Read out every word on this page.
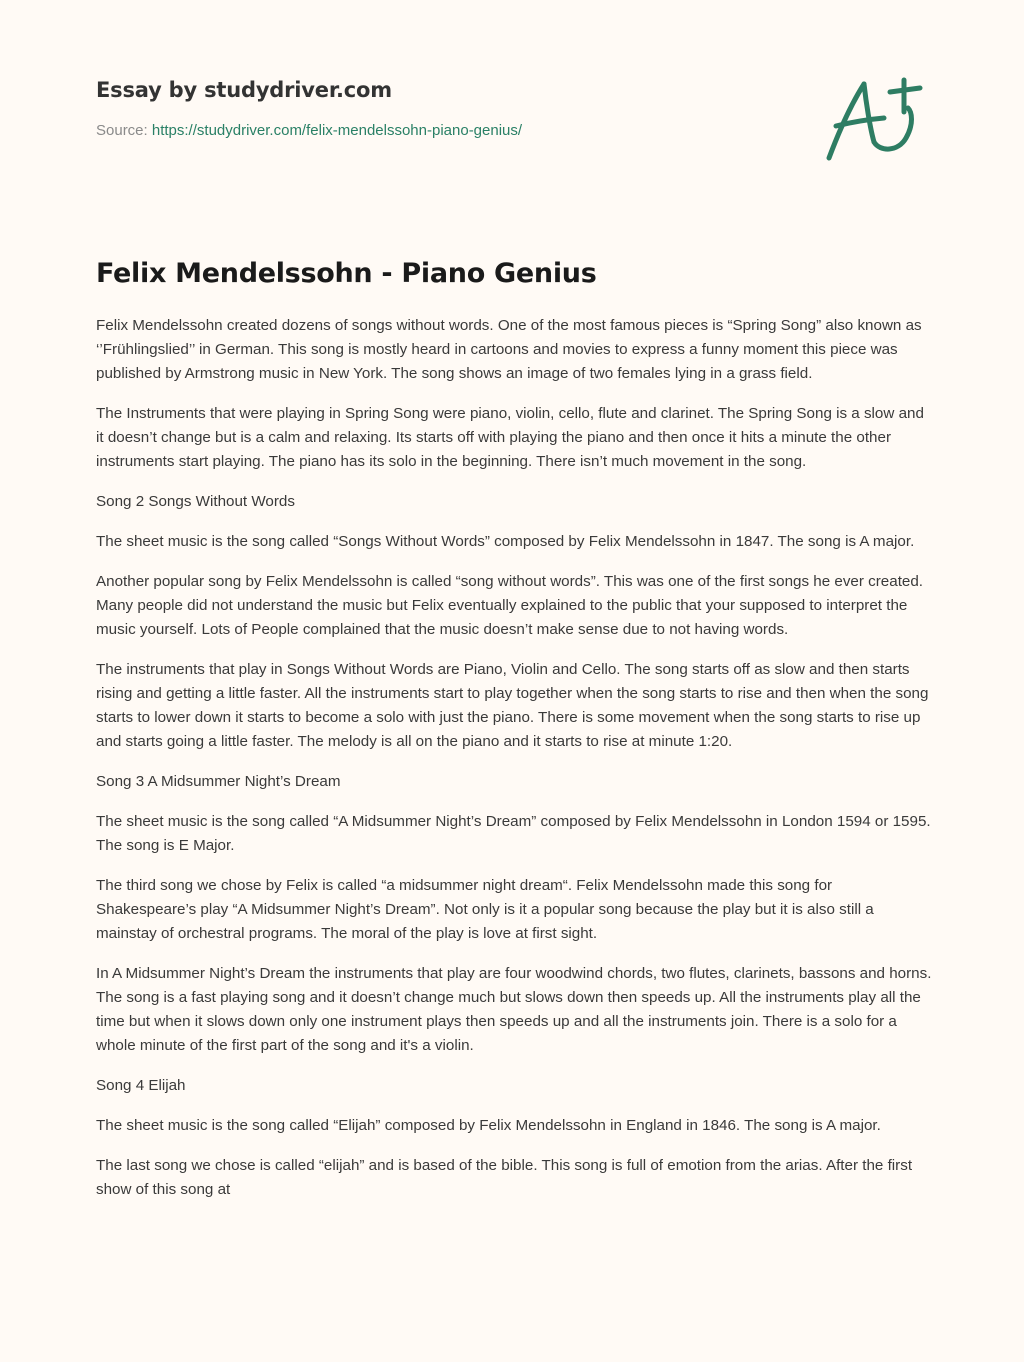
Essay by studydriver.com
Source: https://studydriver.com/felix-mendelssohn-piano-genius/
Felix Mendelssohn - Piano Genius

Felix Mendelssohn created dozens of songs without words. One of the most famous pieces is “Spring Song” also known as ‘’Frühlingslied’’ in German. This song is mostly heard in cartoons and movies to express a funny moment this piece was published by Armstrong music in New York. The song shows an image of two females lying in a grass field.

The Instruments that were playing in Spring Song were piano, violin, cello, flute and clarinet. The Spring Song is a slow and it doesn’t change but is a calm and relaxing. Its starts off with playing the piano and then once it hits a minute the other instruments start playing. The piano has its solo in the beginning. There isn’t much movement in the song.

Song 2 Songs Without Words

The sheet music is the song called “Songs Without Words” composed by Felix Mendelssohn in 1847. The song is A major.

Another popular song by Felix Mendelssohn is called “song without words”. This was one of the first songs he ever created. Many people did not understand the music but Felix eventually explained to the public that your supposed to interpret the music yourself. Lots of People complained that the music doesn’t make sense due to not having words.

The instruments that play in Songs Without Words are Piano, Violin and Cello. The song starts off as slow and then starts rising and getting a little faster. All the instruments start to play together when the song starts to rise and then when the song starts to lower down it starts to become a solo with just the piano. There is some movement when the song starts to rise up and starts going a little faster. The melody is all on the piano and it starts to rise at minute 1:20.

Song 3 A Midsummer Night’s Dream

The sheet music is the song called “A Midsummer Night’s Dream” composed by Felix Mendelssohn in London 1594 or 1595. The song is E Major.

The third song we chose by Felix is called “a midsummer night dream“. Felix Mendelssohn made this song for Shakespeare’s play “A Midsummer Night’s Dream”. Not only is it a popular song because the play but it is also still a mainstay of orchestral programs. The moral of the play is love at first sight.

In A Midsummer Night’s Dream the instruments that play are four woodwind chords, two flutes, clarinets, bassons and horns. The song is a fast playing song and it doesn’t change much but slows down then speeds up. All the instruments play all the time but when it slows down only one instrument plays then speeds up and all the instruments join. There is a solo for a whole minute of the first part of the song and it's a violin.

Song 4 Elijah

The sheet music is the song called “Elijah” composed by Felix Mendelssohn in England in 1846. The song is A major.

The last song we chose is called “elijah” and is based of the bible. This song is full of emotion from the arias. After the first show of this song at
